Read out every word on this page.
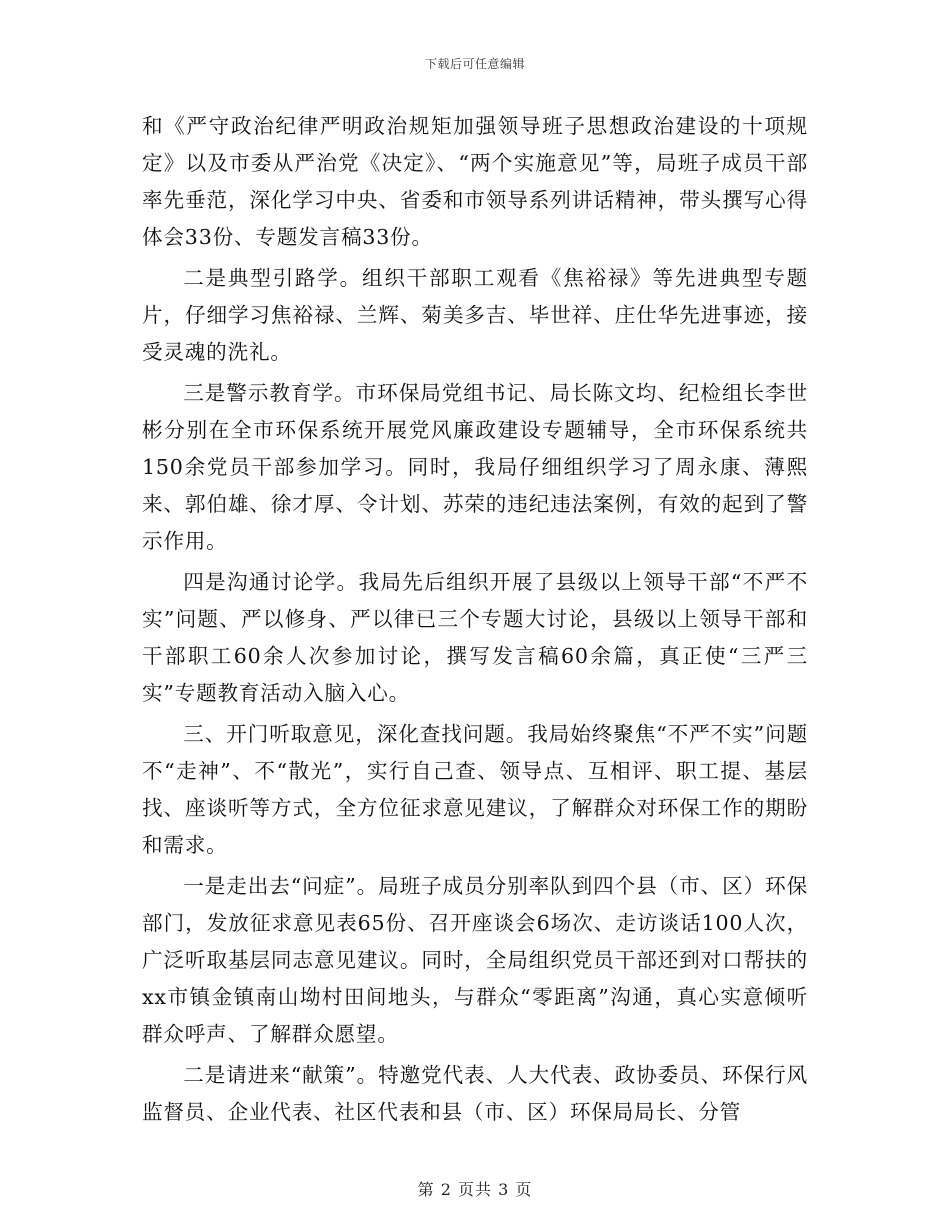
下载后可任意编辑

和《严守政治纪律严明政治规矩加强领导班子思想政治建设的十项规定》以及市委从严治党《决定》、“两个实施意见”等，局班子成员干部率先垂范，深化学习中央、省委和市领导系列讲话精神，带头撰写心得体会33份、专题发言稿33份。

二是典型引路学。组织干部职工观看《焦裕禄》等先进典型专题片，仔细学习焦裕禄、兰辉、菊美多吉、毕世祥、庄仕华先进事迹，接受灵魂的洗礼。

三是警示教育学。市环保局党组书记、局长陈文均、纪检组长李世彬分别在全市环保系统开展党风廉政建设专题辅导，全市环保系统共150余党员干部参加学习。同时，我局仔细组织学习了周永康、薄熙来、郭伯雄、徐才厚、令计划、苏荣的违纪违法案例，有效的起到了警示作用。

四是沟通讨论学。我局先后组织开展了县级以上领导干部“不严不实”问题、严以修身、严以律已三个专题大讨论，县级以上领导干部和干部职工60余人次参加讨论，撰写发言稿60余篇，真正使“三严三实”专题教育活动入脑入心。

三、开门听取意见，深化查找问题。我局始终聚焦“不严不实”问题不“走神”、不“散光”，实行自己查、领导点、互相评、职工提、基层找、座谈听等方式，全方位征求意见建议，了解群众对环保工作的期盼和需求。

一是走出去“问症”。局班子成员分别率队到四个县（市、区）环保部门，发放征求意见表65份、召开座谈会6场次、走访谈话100人次，广泛听取基层同志意见建议。同时，全局组织党员干部还到对口帮扶的xx市镇金镇南山坳村田间地头，与群众“零距离”沟通，真心实意倾听群众呼声、了解群众愿望。

二是请进来“献策”。特邀党代表、人大代表、政协委员、环保行风监督员、企业代表、社区代表和县（市、区）环保局局长、分管

第 2 页共 3 页
